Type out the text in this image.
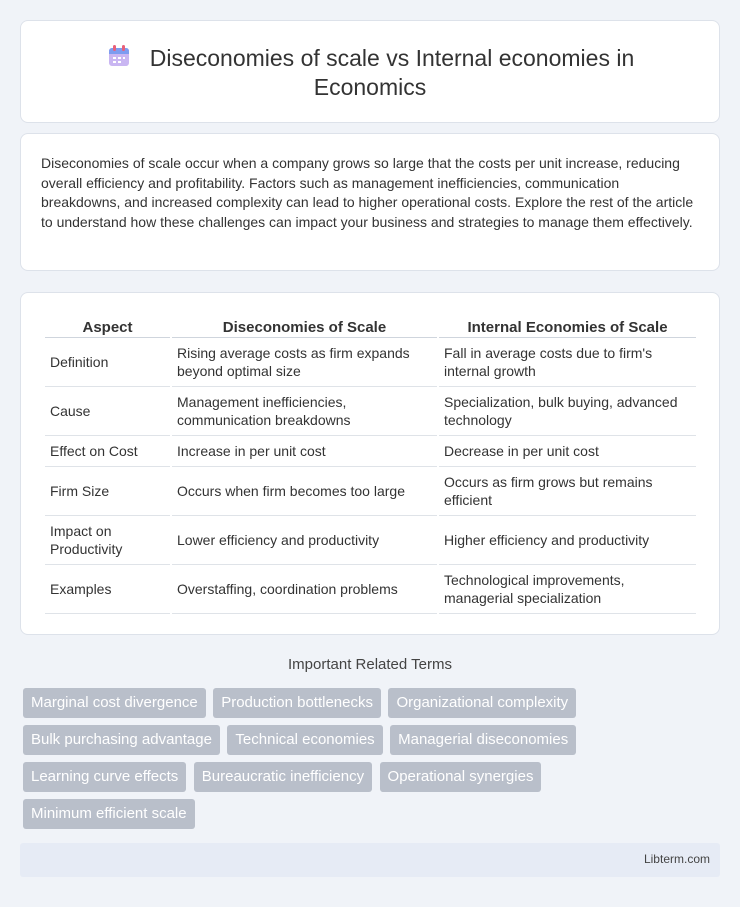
Diseconomies of scale vs Internal economies in
Economics

Diseconomies of scale occur when a company grows so large that the costs per unit increase, reducing overall efficiency and profitability. Factors such as management inefficiencies, communication breakdowns, and increased complexity can lead to higher operational costs. Explore the rest of the article to understand how these challenges can impact your business and strategies to manage them effectively.

Aspect	Diseconomies of Scale	Internal Economies of Scale
Definition	Rising average costs as firm expands beyond optimal size	Fall in average costs due to firm's internal growth
Cause	Management inefficiencies, communication breakdowns	Specialization, bulk buying, advanced technology
Effect on Cost	Increase in per unit cost	Decrease in per unit cost
Firm Size	Occurs when firm becomes too large	Occurs as firm grows but remains efficient
Impact on Productivity	Lower efficiency and productivity	Higher efficiency and productivity
Examples	Overstaffing, coordination problems	Technological improvements, managerial specialization
Important Related Terms
Marginal cost divergence Production bottlenecks Organizational complexity
Bulk purchasing advantage Technical economies Managerial diseconomies
Learning curve effects Bureaucratic inefficiency Operational synergies
Minimum efficient scale
Libterm.com
